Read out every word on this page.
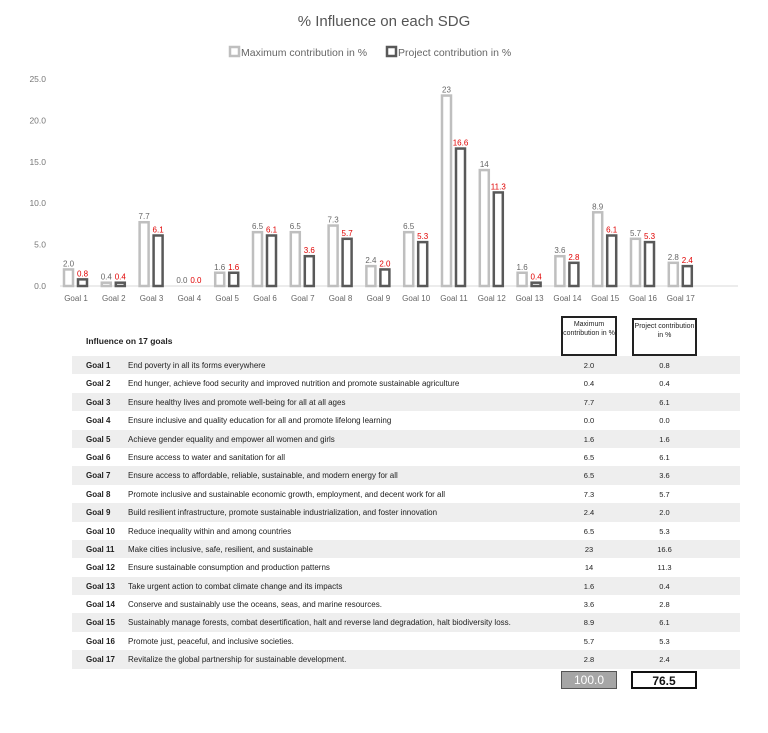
% Influence on each SDG
Maximum contribution in %	Project contribution in %
0.0
5.0
10.0
15.0
20.0
25.0
2.0
0.8 0.4 0.4
7.7
6.1
0.0 0.0
1.6 1.6
6.5 6.1 6.5
3.6
7.3
5.7
2.4 2.0
6.5
5.3
23
16.6
14
11.3
1.6
0.4
3.6
2.8
8.9
6.1 5.7 5.3
2.8 2.4
Goal 1 Goal 2 Goal 3 Goal 4 Goal 5 Goal 6 Goal 7 Goal 8 Goal 9 Goal 10 Goal 11 Goal 12 Goal 13 Goal 14 Goal 15 Goal 16 Goal 17
Influence on 17 goals
Maximum contribution in %
Project contribution in %
Goal 1 End poverty in all its forms everywhere	2.0	0.8
Goal 2 End hunger, achieve food security and improved nutrition and promote sustainable agriculture	0.4	0.4
Goal 3 Ensure healthy lives and promote well-being for all at all ages	7.7	6.1
Goal 4 Ensure inclusive and quality education for all and promote lifelong learning	0.0	0.0
Goal 5 Achieve gender equality and empower all women and girls	1.6	1.6
Goal 6 Ensure access to water and sanitation for all	6.5	6.1
Goal 7 Ensure access to affordable, reliable, sustainable, and modern energy for all	6.5	3.6
Goal 8 Promote inclusive and sustainable economic growth, employment, and decent work for all	7.3	5.7
Goal 9 Build resilient infrastructure, promote sustainable industrialization, and foster innovation	2.4	2.0
Goal 10 Reduce inequality within and among countries	6.5	5.3
Goal 11 Make cities inclusive, safe, resilient, and sustainable	23	16.6
Goal 12 Ensure sustainable consumption and production patterns	14	11.3
Goal 13 Take urgent action to combat climate change and its impacts	1.6	0.4
Goal 14 Conserve and sustainably use the oceans, seas, and marine resources.	3.6	2.8
Goal 15 Sustainably manage forests, combat desertification, halt and reverse land degradation, halt biodiversity loss.	8.9	6.1
Goal 16 Promote just, peaceful, and inclusive societies.	5.7	5.3
Goal 17 Revitalize the global partnership for sustainable development.	2.8	2.4
100.0	76.5
